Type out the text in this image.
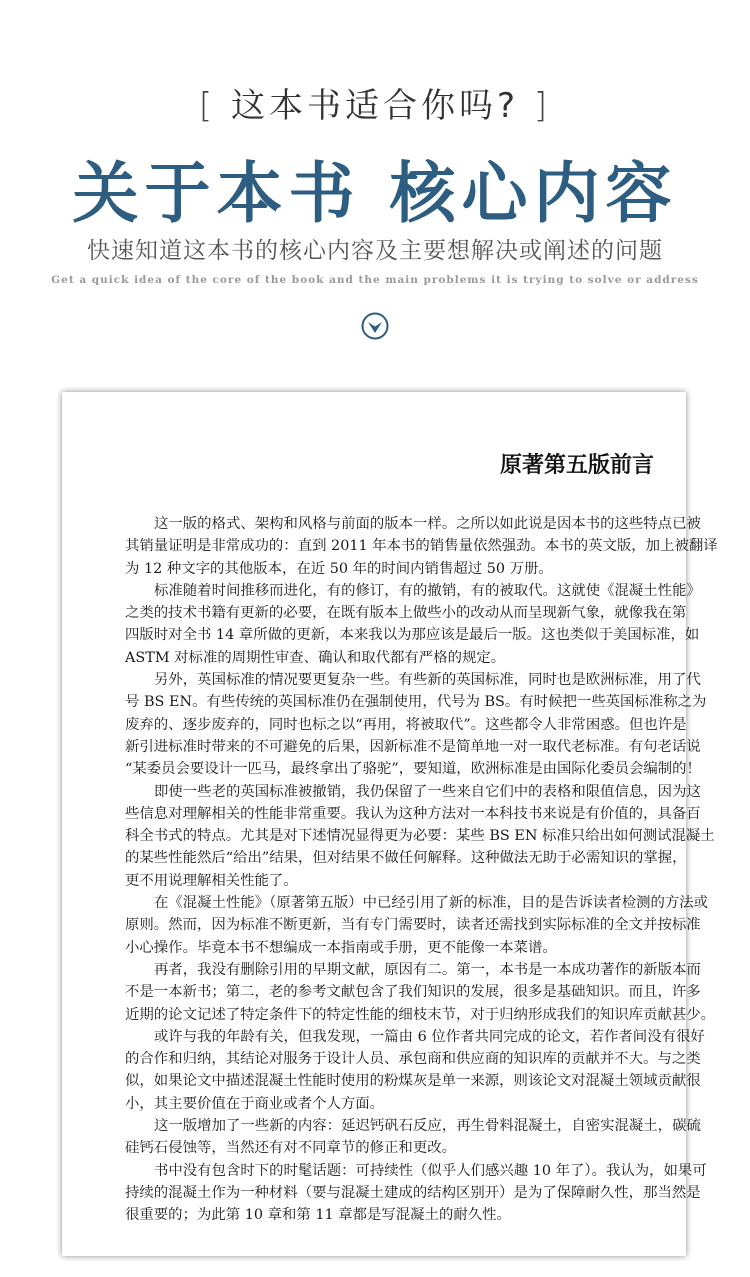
[ 这本书适合你吗? ]
关于本书 核心内容
快速知道这本书的核心内容及主要想解决或阐述的问题
Get a quick idea of the core of the book and the main problems it is trying to solve or address
原著第五版前言
这一版的格式、架构和风格与前面的版本一样。之所以如此说是因本书的这些特点已被
其销量证明是非常成功的：直到 2011 年本书的销售量依然强劲。本书的英文版，加上被翻译
为 12 种文字的其他版本，在近 50 年的时间内销售超过 50 万册。
标准随着时间推移而进化，有的修订，有的撤销，有的被取代。这就使《混凝土性能》
之类的技术书籍有更新的必要，在既有版本上做些小的改动从而呈现新气象，就像我在第
四版时对全书 14 章所做的更新，本来我以为那应该是最后一版。这也类似于美国标准，如
ASTM 对标准的周期性审查、确认和取代都有严格的规定。
另外，英国标准的情况要更复杂一些。有些新的英国标准，同时也是欧洲标准，用了代
号 BS EN。有些传统的英国标准仍在强制使用，代号为 BS。有时候把一些英国标准称之为
废弃的、逐步废弃的，同时也标之以“再用，将被取代”。这些都令人非常困惑。但也许是
新引进标准时带来的不可避免的后果，因新标准不是简单地一对一取代老标准。有句老话说
“某委员会要设计一匹马，最终拿出了骆驼”，要知道，欧洲标准是由国际化委员会编制的！
即使一些老的英国标准被撤销，我仍保留了一些来自它们中的表格和限值信息，因为这
些信息对理解相关的性能非常重要。我认为这种方法对一本科技书来说是有价值的，具备百
科全书式的特点。尤其是对下述情况显得更为必要：某些 BS EN 标准只给出如何测试混凝土
的某些性能然后“给出”结果，但对结果不做任何解释。这种做法无助于必需知识的掌握，
更不用说理解相关性能了。
在《混凝土性能》（原著第五版）中已经引用了新的标准，目的是告诉读者检测的方法或
原则。然而，因为标准不断更新，当有专门需要时，读者还需找到实际标准的全文并按标准
小心操作。毕竟本书不想编成一本指南或手册，更不能像一本菜谱。
再者，我没有删除引用的早期文献，原因有二。第一，本书是一本成功著作的新版本而
不是一本新书；第二，老的参考文献包含了我们知识的发展，很多是基础知识。而且，许多
近期的论文记述了特定条件下的特定性能的细枝末节，对于归纳形成我们的知识库贡献甚少。
或许与我的年龄有关，但我发现，一篇由 6 位作者共同完成的论文，若作者间没有很好
的合作和归纳，其结论对服务于设计人员、承包商和供应商的知识库的贡献并不大。与之类
似，如果论文中描述混凝土性能时使用的粉煤灰是单一来源，则该论文对混凝土领域贡献很
小，其主要价值在于商业或者个人方面。
这一版增加了一些新的内容：延迟钙矾石反应，再生骨料混凝土，自密实混凝土，碳硫
硅钙石侵蚀等，当然还有对不同章节的修正和更改。
书中没有包含时下的时髦话题：可持续性（似乎人们感兴趣 10 年了）。我认为，如果可
持续的混凝土作为一种材料（要与混凝土建成的结构区别开）是为了保障耐久性，那当然是
很重要的；为此第 10 章和第 11 章都是写混凝土的耐久性。
